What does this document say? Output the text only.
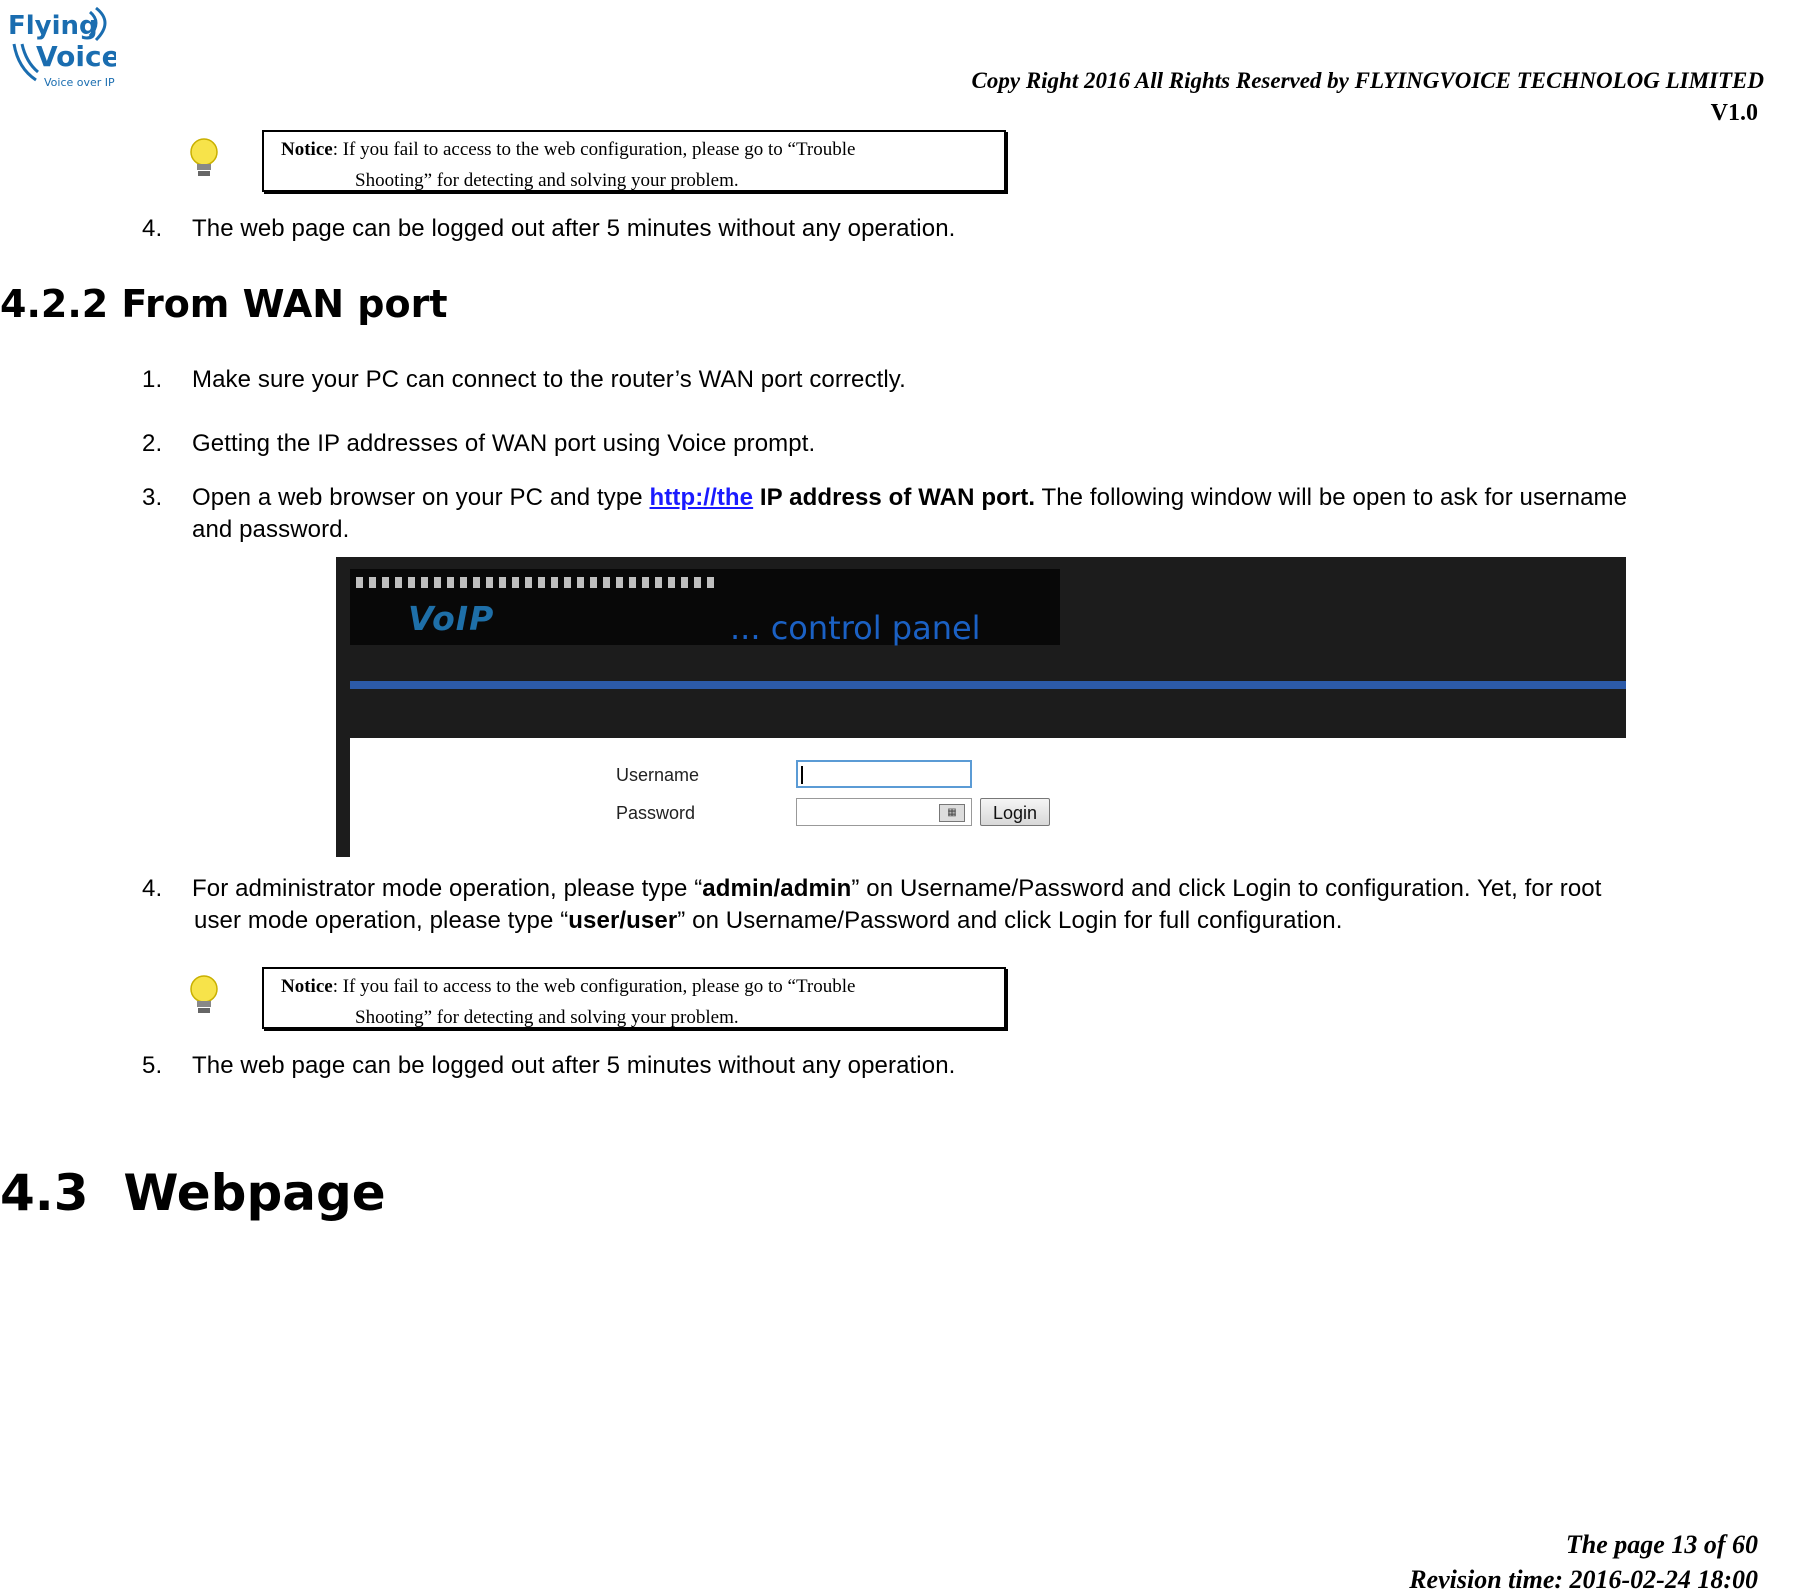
Flying
Voice
Voice over IP	Copy Right 2016 All Rights Reserved by FLYINGVOICE TECHNOLOG LIMITED
V1.0
Notice: If you fail to access to the web configuration, please go to “Trouble
Shooting” for detecting and solving your problem.
4. The web page can be logged out after 5 minutes without any operation.
4.2.2 From WAN port
1. Make sure your PC can connect to the router’s WAN port correctly.
2. Getting the IP addresses of WAN port using Voice prompt.
3. Open a web browser on your PC and type http://the IP address of WAN port. The following window will be open to ask for username
and password.
VoIP	... control panel
Username
Password	▦	Login
4. For administrator mode operation, please type “admin/admin” on Username/Password and click Login to configuration. Yet, for root
user mode operation, please type “user/user” on Username/Password and click Login for full configuration.
Notice: If you fail to access to the web configuration, please go to “Trouble
Shooting” for detecting and solving your problem.
5. The web page can be logged out after 5 minutes without any operation.
4.3  Webpage
The page 13 of 60
Revision time: 2016-02-24 18:00
